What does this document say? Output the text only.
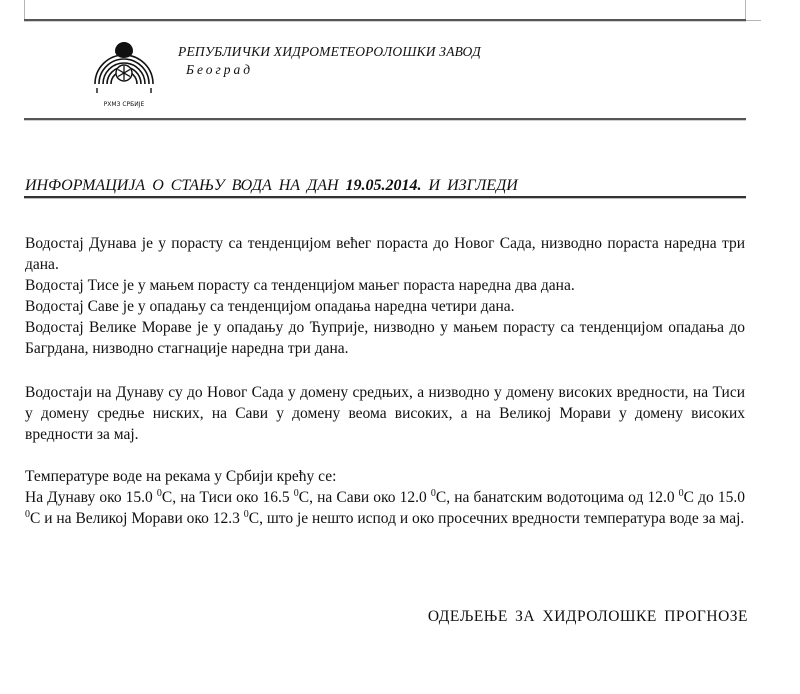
РХМЗ СРБИЈЕ
РЕПУБЛИЧКИ ХИДРОМЕТЕОРОЛОШКИ ЗАВОД
Београд
ИНФОРМАЦИЈА О СТАЊУ ВОДА НА ДАН 19.05.2014. И ИЗГЛЕДИ

Водостај Дунава је у порасту са тенденцијом већег пораста до Новог Сада, низводно пораста наредна три дана.

Водостај Тисе је у мањем порасту са тенденцијом мањег пораста наредна два дана.

Водостај Саве је у опадању са тенденцијом опадања наредна четири дана.

Водостај Велике Мораве је у опадању до Ћуприје, низводно у мањем порасту са тенденцијом опадања до Багрдана, низводно стагнације наредна три дана.

Водостаји на Дунаву су до Новог Сада у домену средњих, а низводно у домену високих вредности, на Тиси у домену средње ниских, на Сави у домену веома високих, а на Великој Морави у домену високих вредности за мај.

Температуре воде на рекама у Србији крећу се:

На Дунаву око 15.0 $^0$C, на Тиси око 16.5 $^0$C, на Сави око 12.0 $^0$C, на банатским водотоцима од 12.0 $^0$C до 15.0 $^0$C и на Великој Морави око 12.3 $^0$C, што је нешто испод и око просечних вредности температура воде за мај.

ОДЕЉЕЊЕ ЗА ХИДРОЛОШКЕ ПРОГНОЗЕ
